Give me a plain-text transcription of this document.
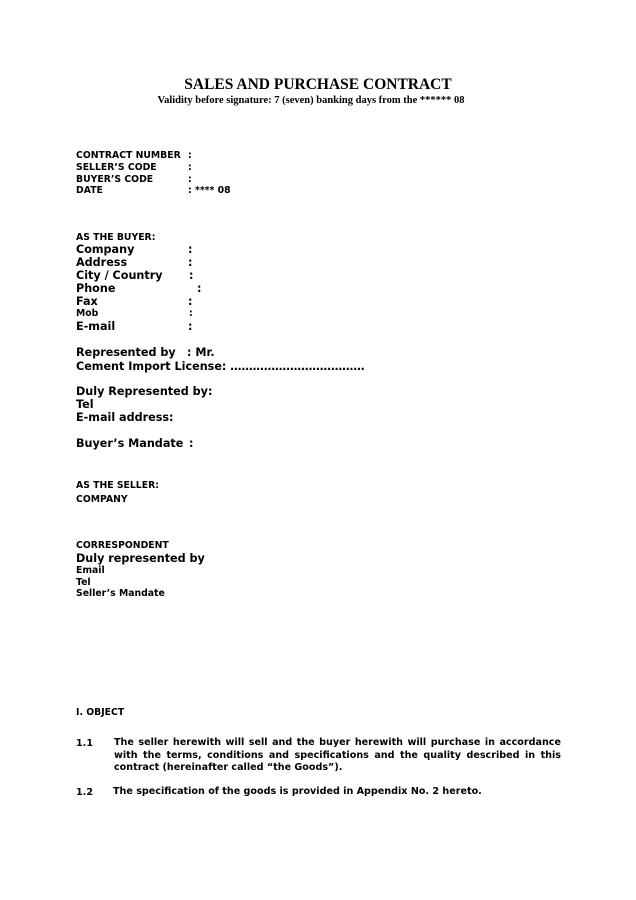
SALES AND PURCHASE CONTRACT
Validity before signature: 7 (seven) banking days from the ****** 08
CONTRACT NUMBER :
SELLER’S CODE	:
BUYER’S CODE	:
DATE	: **** 08
AS THE BUYER:
Company	:
Address	:
City / Country :
Phone	:
Fax	:
Mob	:
E-mail	:
Represented by : Mr.
Cement Import License: ………………………………
Duly Represented by:
Tel
E-mail address:
Buyer’s Mandate :
AS THE SELLER:
COMPANY
CORRESPONDENT
Duly represented by
Email
Tel
Seller’s Mandate
I. OBJECT
1.1 The seller herewith will sell and the buyer herewith will purchase in accordance with the terms, conditions and specifications and the quality described in this contract (hereinafter called “the Goods”).
1.2 The specification of the goods is provided in Appendix No. 2 hereto.
